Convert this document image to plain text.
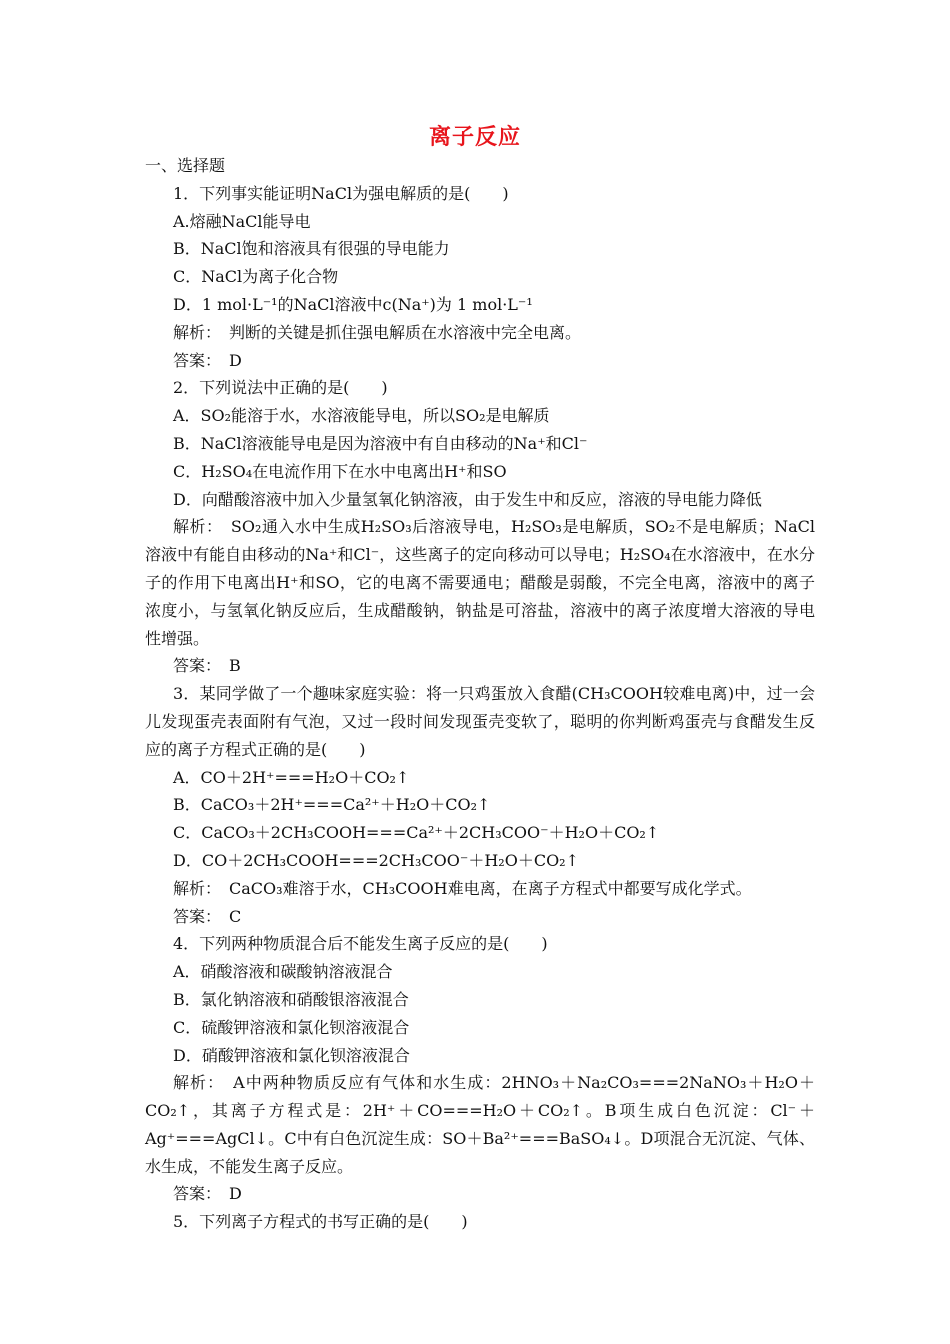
离子反应
一、选择题
1．下列事实能证明NaCl为强电解质的是(　　)
A.熔融NaCl能导电
B．NaCl饱和溶液具有很强的导电能力
C．NaCl为离子化合物
D．1 mol·L⁻¹的NaCl溶液中c(Na⁺)为 1 mol·L⁻¹
解析：　判断的关键是抓住强电解质在水溶液中完全电离。
答案：　D
2．下列说法中正确的是(　　)
A．SO₂能溶于水，水溶液能导电，所以SO₂是电解质
B．NaCl溶液能导电是因为溶液中有自由移动的Na⁺和Cl⁻
C．H₂SO₄在电流作用下在水中电离出H⁺和SO
D．向醋酸溶液中加入少量氢氧化钠溶液，由于发生中和反应，溶液的导电能力降低
解析：　SO₂通入水中生成H₂SO₃后溶液导电，H₂SO₃是电解质，SO₂不是电解质；NaCl溶液中有能自由移动的Na⁺和Cl⁻，这些离子的定向移动可以导电；H₂SO₄在水溶液中，在水分子的作用下电离出H⁺和SO，它的电离不需要通电；醋酸是弱酸，不完全电离，溶液中的离子浓度小，与氢氧化钠反应后，生成醋酸钠，钠盐是可溶盐，溶液中的离子浓度增大溶液的导电性增强。
答案：　B
3．某同学做了一个趣味家庭实验：将一只鸡蛋放入食醋(CH₃COOH较难电离)中，过一会儿发现蛋壳表面附有气泡，又过一段时间发现蛋壳变软了，聪明的你判断鸡蛋壳与食醋发生反应的离子方程式正确的是(　　)
A．CO＋2H⁺===H₂O＋CO₂↑
B．CaCO₃＋2H⁺===Ca²⁺＋H₂O＋CO₂↑
C．CaCO₃＋2CH₃COOH===Ca²⁺＋2CH₃COO⁻＋H₂O＋CO₂↑
D．CO＋2CH₃COOH===2CH₃COO⁻＋H₂O＋CO₂↑
解析：　CaCO₃难溶于水，CH₃COOH难电离，在离子方程式中都要写成化学式。
答案：　C
4．下列两种物质混合后不能发生离子反应的是(　　)
A．硝酸溶液和碳酸钠溶液混合
B．氯化钠溶液和硝酸银溶液混合
C．硫酸钾溶液和氯化钡溶液混合
D．硝酸钾溶液和氯化钡溶液混合
解析：　A中两种物质反应有气体和水生成：2HNO₃＋Na₂CO₃===2NaNO₃＋H₂O＋CO₂↑，其离子方程式是：2H⁺＋CO===H₂O＋CO₂↑。B项生成白色沉淀：Cl⁻＋Ag⁺===AgCl↓。C中有白色沉淀生成：SO＋Ba²⁺===BaSO₄↓。D项混合无沉淀、气体、水生成，不能发生离子反应。
答案：　D
5．下列离子方程式的书写正确的是(　　)
